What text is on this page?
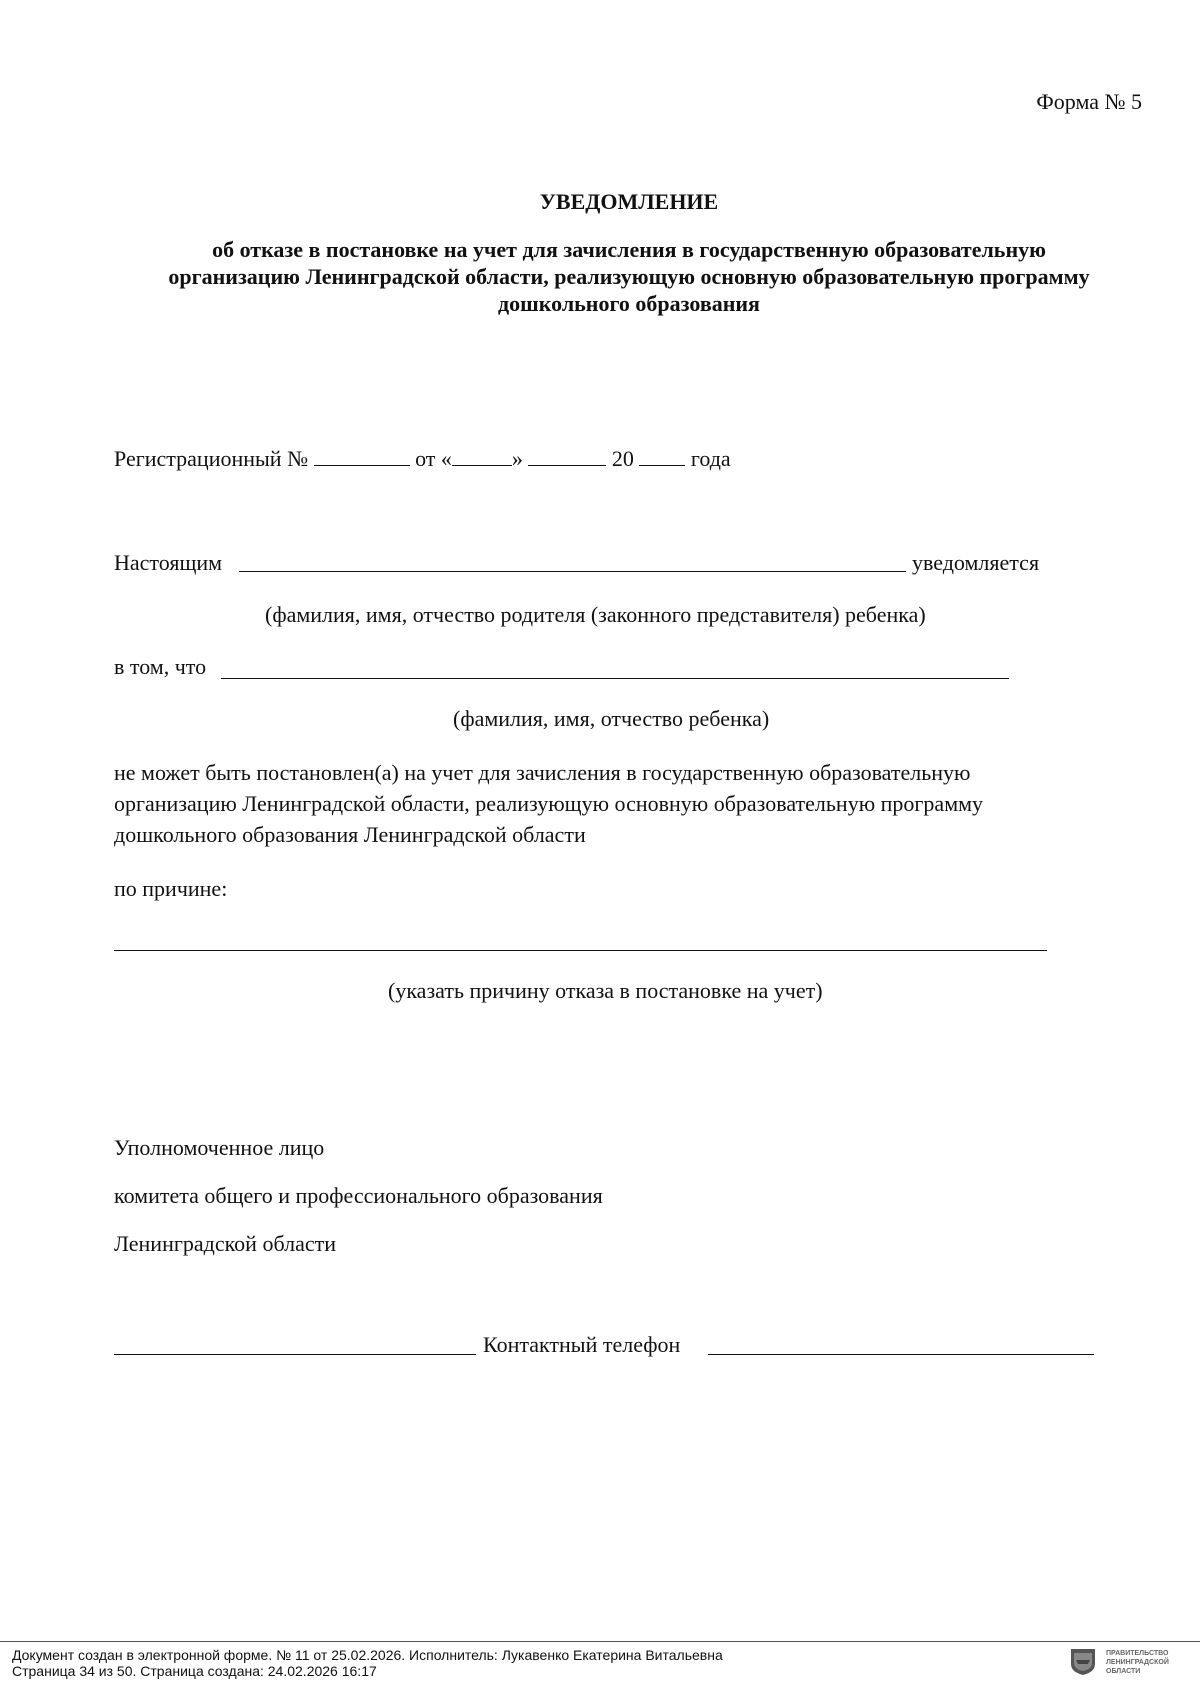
Форма № 5
УВЕДОМЛЕНИЕ
об отказе в постановке на учет для зачисления в государственную образовательную
организацию Ленинградской области, реализующую основную образовательную программу
дошкольного образования
Регистрационный №	от «	»	20	года
Настоящим	уведомляется
(фамилия, имя, отчество родителя (законного представителя) ребенка)
в том, что
(фамилия, имя, отчество ребенка)
не может быть постановлен(а) на учет для зачисления в государственную образовательную
организацию Ленинградской области, реализующую основную образовательную программу
дошкольного образования Ленинградской области
по причине:
(указать причину отказа в постановке на учет)
Уполномоченное лицо
комитета общего и профессионального образования
Ленинградской области
Контактный телефон
Документ создан в электронной форме. № 11 от 25.02.2026. Исполнитель: Лукавенко Екатерина Витальевна
Страница 34 из 50. Страница создана: 24.02.2026 16:17
ПРАВИТЕЛЬСТВО
ЛЕНИНГРАДСКОЙ
ОБЛАСТИ
